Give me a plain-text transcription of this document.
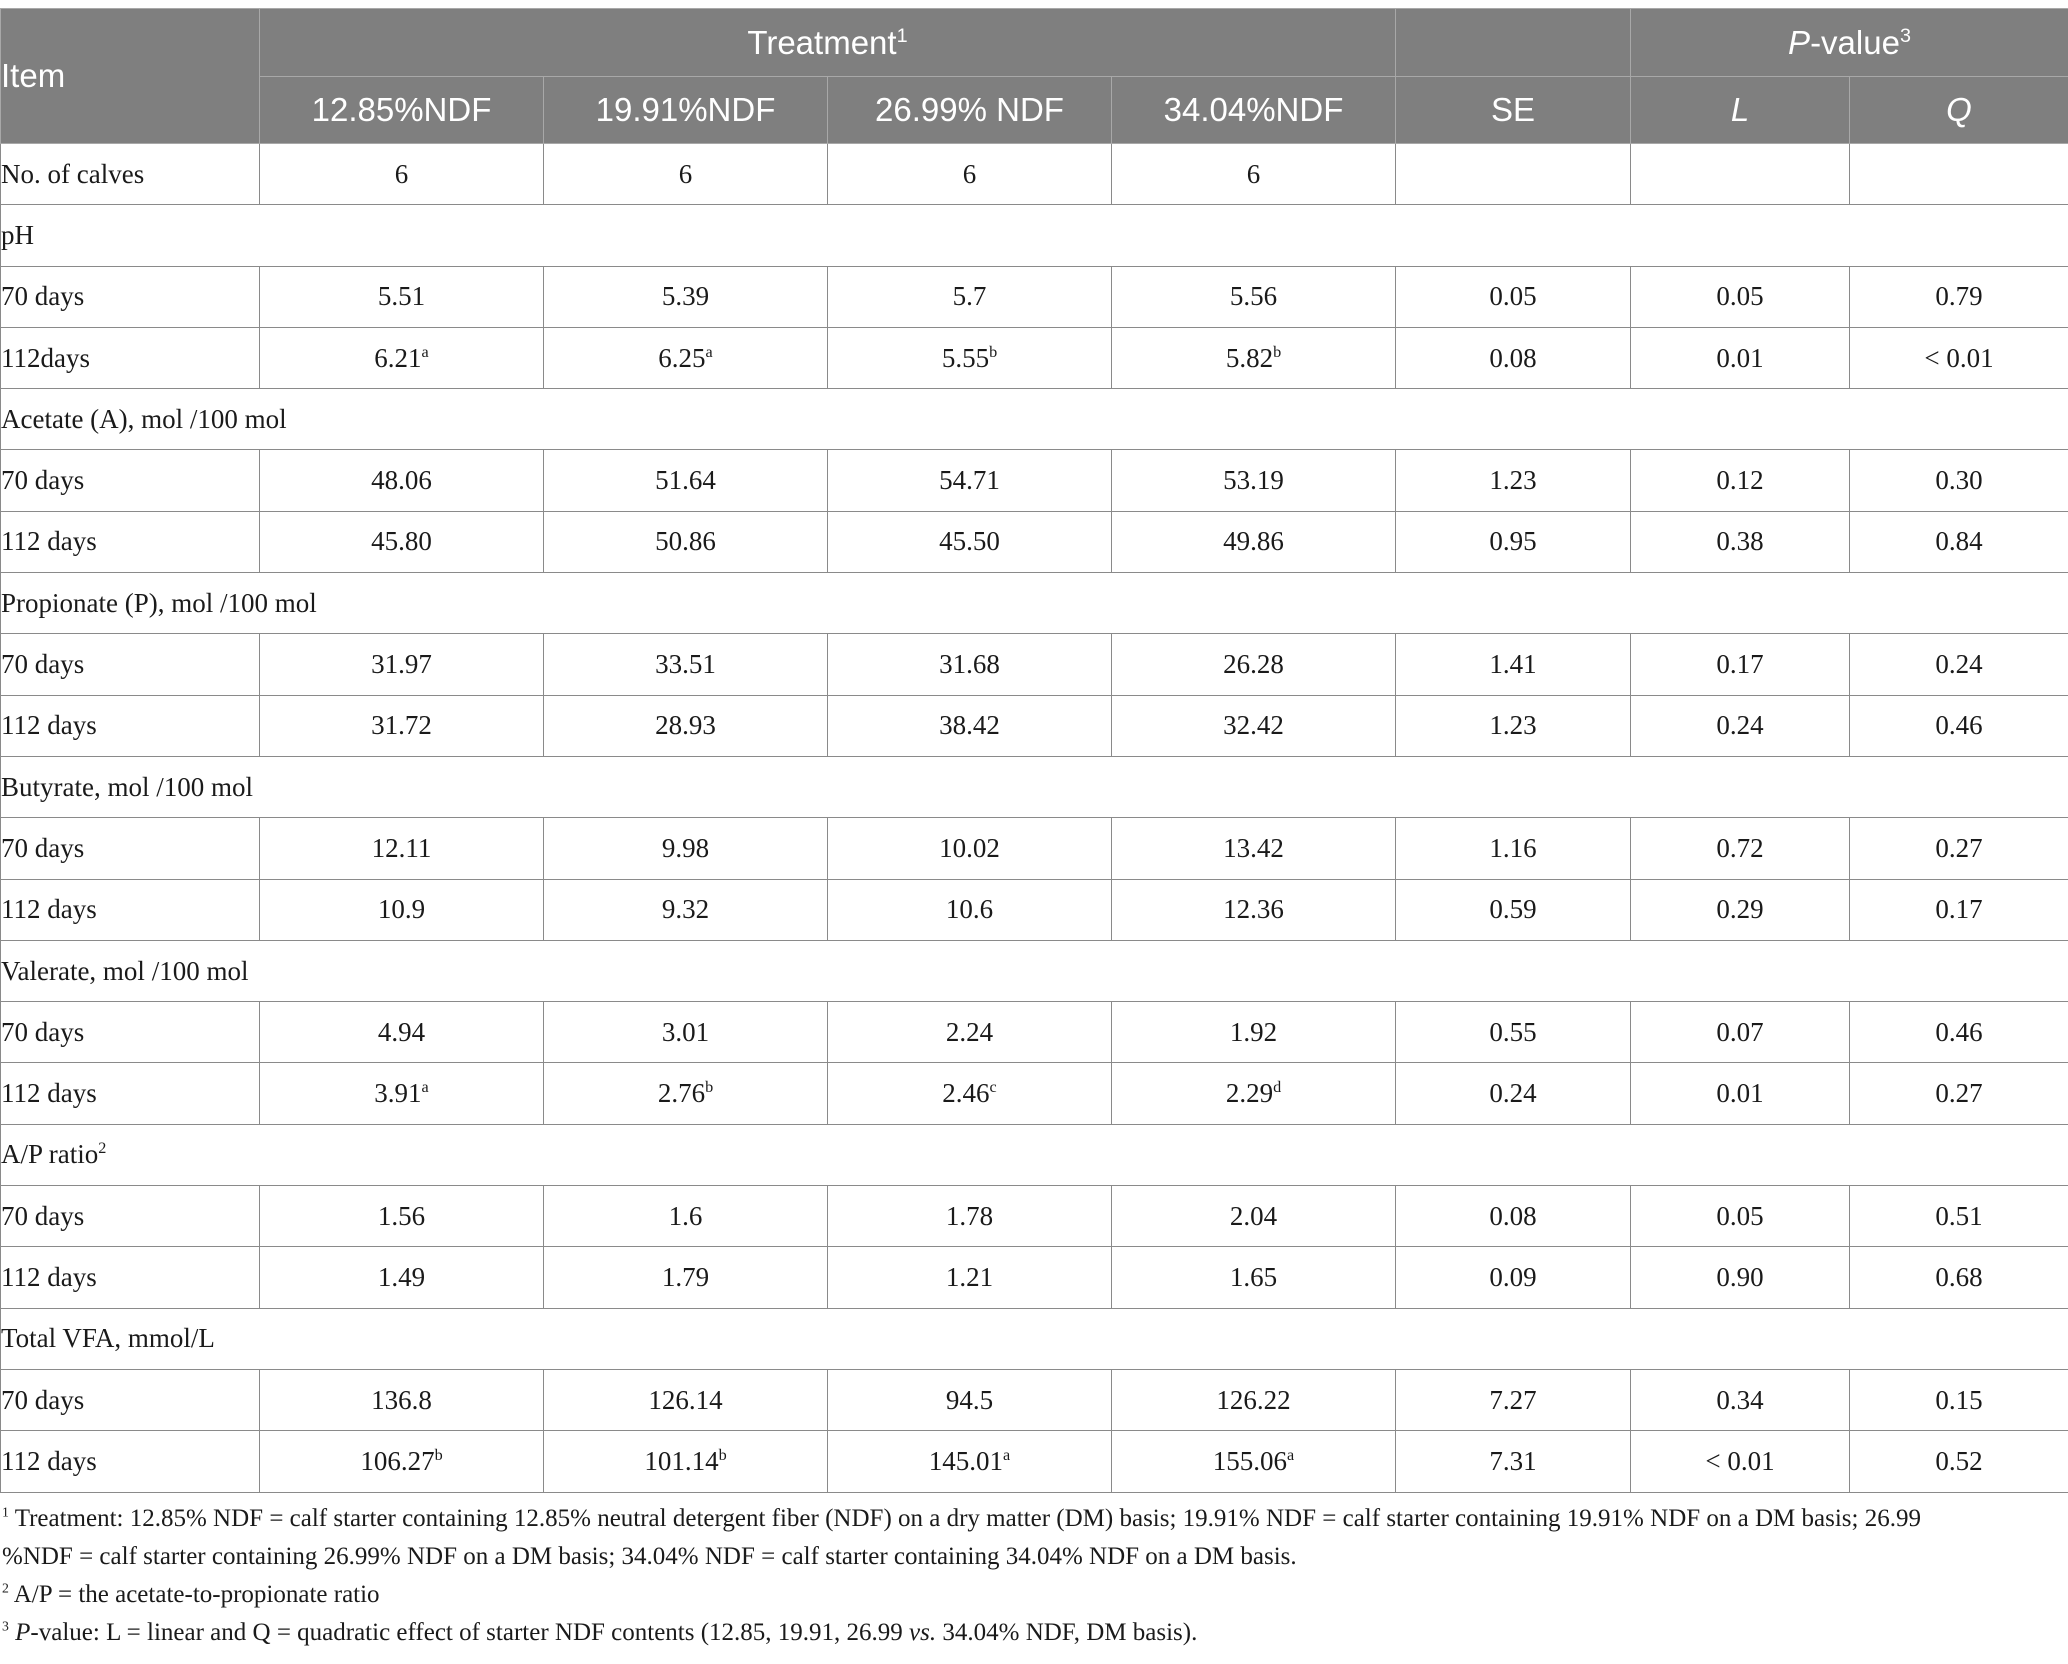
Item	Treatment$^1$					P-value$^3$
	12.85%NDF	19.91%NDF	26.99% NDF	34.04%NDF	SE	L	Q
No. of calves	6	6	6	6			
pH							
70 days	5.51	5.39	5.7	5.56	0.05	0.05	0.79
112days	6.21$^a$	6.25$^a$	5.55$^b$	5.82$^b$	0.08	0.01	< 0.01
Acetate (A), mol /100 mol							
70 days	48.06	51.64	54.71	53.19	1.23	0.12	0.30
112 days	45.80	50.86	45.50	49.86	0.95	0.38	0.84
Propionate (P), mol /100 mol							
70 days	31.97	33.51	31.68	26.28	1.41	0.17	0.24
112 days	31.72	28.93	38.42	32.42	1.23	0.24	0.46
Butyrate, mol /100 mol							
70 days	12.11	9.98	10.02	13.42	1.16	0.72	0.27
112 days	10.9	9.32	10.6	12.36	0.59	0.29	0.17
Valerate, mol /100 mol							
70 days	4.94	3.01	2.24	1.92	0.55	0.07	0.46
112 days	3.91$^a$	2.76$^b$	2.46$^c$	2.29$^d$	0.24	0.01	0.27
A/P ratio$^2$
70 days	1.56	1.6	1.78	2.04	0.08	0.05	0.51
112 days	1.49	1.79	1.21	1.65	0.09	0.90	0.68
Total VFA, mmol/L							
70 days	136.8	126.14	94.5	126.22	7.27	0.34	0.15
112 days	106.27$^b$	101.14$^b$	145.01$^a$	155.06$^a$	7.31	< 0.01	0.52

$^1$ Treatment: 12.85% NDF = calf starter containing 12.85% neutral detergent fiber (NDF) on a dry matter (DM) basis; 19.91% NDF = calf starter containing 19.91% NDF on a DM basis; 26.99

%NDF = calf starter containing 26.99% NDF on a DM basis; 34.04% NDF = calf starter containing 34.04% NDF on a DM basis.

$^2$ A/P = the acetate-to-propionate ratio

$^3$ P-value: L = linear and Q = quadratic effect of starter NDF contents (12.85, 19.91, 26.99 vs. 34.04% NDF, DM basis).
